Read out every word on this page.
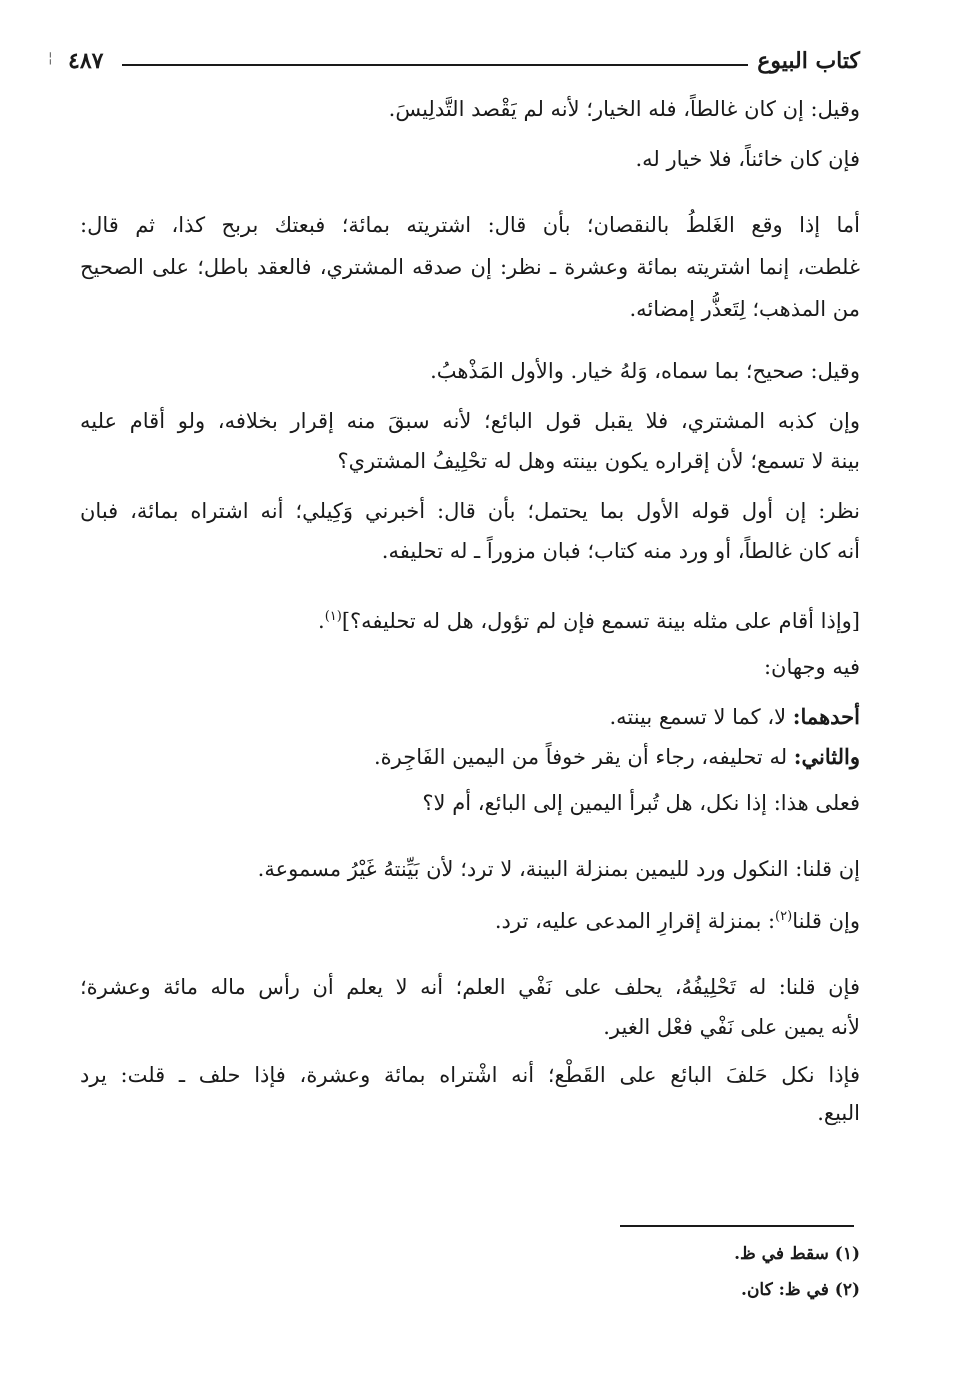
¦ ٤٨٧	كتاب البيوع
وقيل: إن كان غالطاً، فله الخيار؛ لأنه لم يَقْصد التَّدلِيسَ.
فإن كان خائناً، فلا خيار له.
أما إذا وقع الغَلطُ بالنقصان؛ بأن قال: اشتريته بمائة؛ فبعتك بربح كذا، ثم قال:
غلطت، إنما اشتريته بمائة وعشرة ـ نظر: إن صدقه المشتري، فالعقد باطل؛ على الصحيح
من المذهب؛ لِتَعذُّر إمضائه.
وقيل: صحيح؛ بما سماه، وَلهُ خيار. والأول المَذْهبُ.
وإن كذبه المشتري، فلا يقبل قول البائع؛ لأنه سبقَ منه إقرار بخلافه، ولو أقام عليه
بينة لا تسمع؛ لأن إقراره يكون بينته وهل له تحْلِيفُ المشتري؟
نظر: إن أول قوله الأول بما يحتمل؛ بأن قال: أخبرني وَكِيلي؛ أنه اشتراه بمائة، فبان
أنه كان غالطاً، أو ورد منه كتاب؛ فبان مزوراً ـ له تحليفه.
[وإذا أقام على مثله بينة تسمع فإن لم تؤول، هل له تحليفه؟]$^{(١)}$.
فيه وجهان:
أحدهما: لا، كما لا تسمع بينته.
والثاني: له تحليفه، رجاء أن يقر خوفاً من اليمين الفَاجِرة.
فعلى هذا: إذا نكل، هل تُبرأ اليمين إلى البائع، أم لا؟
إن قلنا: النكول ورد لليمين بمنزلة البينة، لا ترد؛ لأن بَيِّنتهُ غَيْرُ مسموعة.
وإن قلنا$^{(٢)}$: بمنزلة إقرارِ المدعى عليه، ترد.
فإن قلنا: له تَحْلِيفُهُ، يحلف على نَفْي العلم؛ أنه لا يعلم أن رأس ماله مائة وعشرة؛
لأنه يمين على نَفْي فعْل الغير.
فإذا نكل حَلفَ البائع على القَطْع؛ أنه اشْتراه بمائة وعشرة، فإذا حلف ـ قلت: يرد
البيع.
(١) سقط في ظ.
(٢) في ظ: كان.
